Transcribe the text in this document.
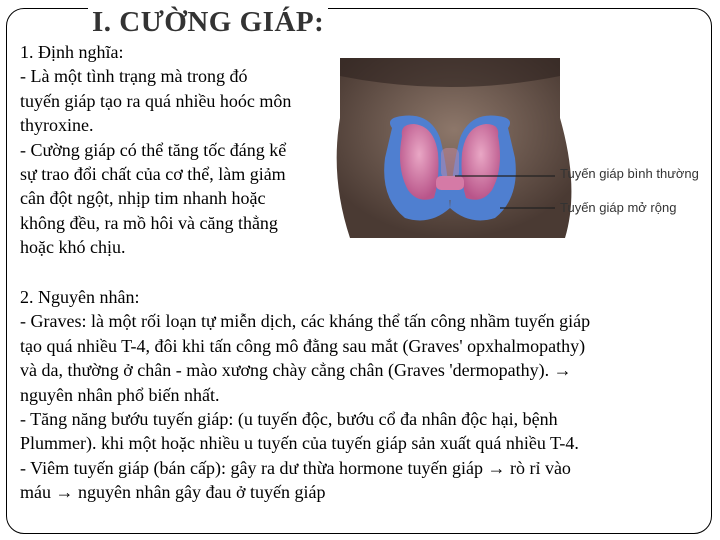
I. CƯỜNG GIÁP:
1. Định nghĩa:
- Là một tình trạng mà trong đó
tuyến giáp tạo ra quá nhiều hoóc môn
thyroxine.
- Cường giáp có thể tăng tốc đáng kể
sự trao đổi chất của cơ thể, làm giảm
cân đột ngột, nhịp tim nhanh hoặc
không đều, ra mồ hôi và căng thẳng
hoặc khó chịu.
Tuyến giáp bình thường
Tuyến giáp mở rộng
2. Nguyên nhân:
- Graves: là một rối loạn tự miễn dịch, các kháng thể tấn công nhầm tuyến giáp
tạo quá nhiều T-4, đôi khi tấn công mô đằng sau mắt (Graves' opxhalmopathy)
và da, thường ở chân - mào xương chày cẳng chân (Graves 'dermopathy). →
nguyên nhân phổ biến nhất.
- Tăng năng bướu tuyến giáp: (u tuyến độc, bướu cổ đa nhân độc hại, bệnh
Plummer). khi một hoặc nhiều u tuyến của tuyến giáp sản xuất quá nhiều T-4.
- Viêm tuyến giáp (bán cấp): gây ra dư thừa hormone tuyến giáp → rò rỉ vào
máu → nguyên nhân gây đau ở tuyến giáp
